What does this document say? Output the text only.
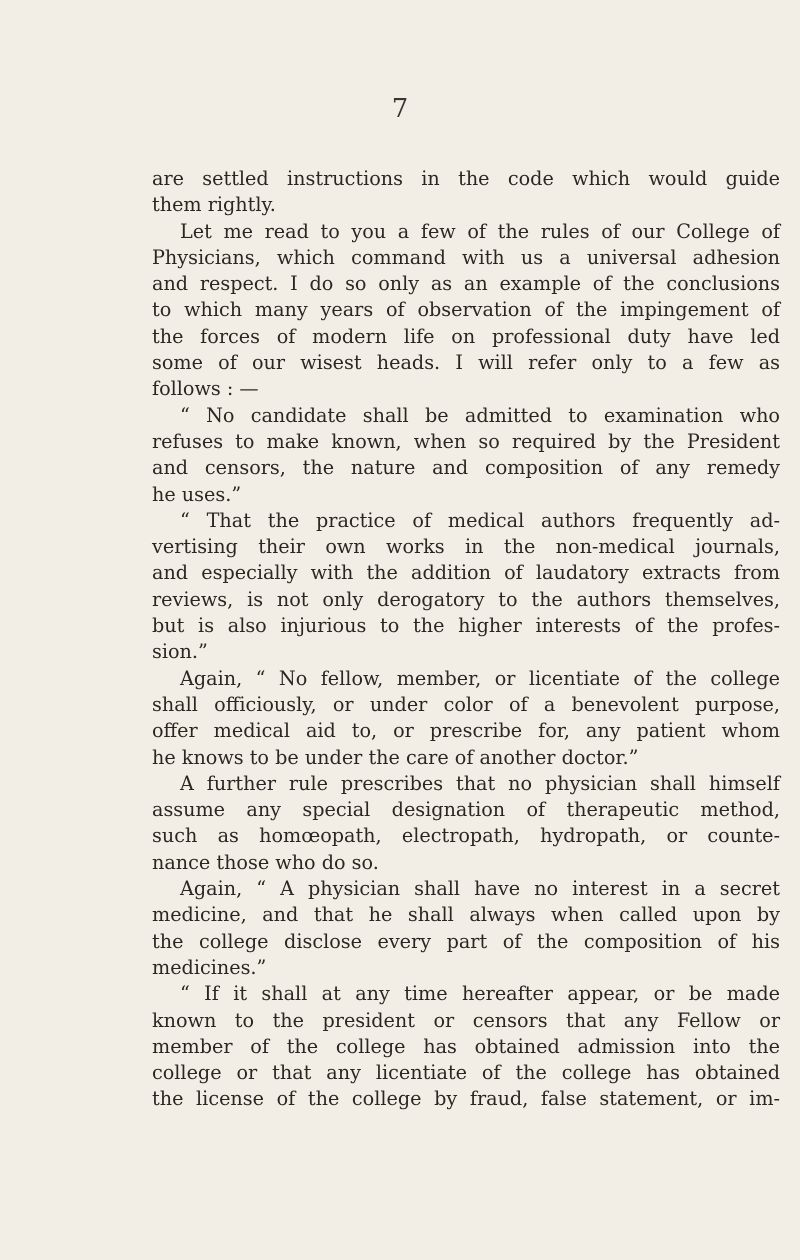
7
are settled instructions in the code which would guide
them rightly.
Let me read to you a few of the rules of our College of
Physicians, which command with us a universal adhesion
and respect. I do so only as an example of the conclusions
to which many years of observation of the impingement of
the forces of modern life on professional duty have led
some of our wisest heads. I will refer only to a few as
follows : —
“ No candidate shall be admitted to examination who
refuses to make known, when so required by the President
and censors, the nature and composition of any remedy
he uses.”
“ That the practice of medical authors frequently ad-
vertising their own works in the non-medical journals,
and especially with the addition of laudatory extracts from
reviews, is not only derogatory to the authors themselves,
but is also injurious to the higher interests of the profes-
sion.”
Again, “ No fellow, member, or licentiate of the college
shall officiously, or under color of a benevolent purpose,
offer medical aid to, or prescribe for, any patient whom
he knows to be under the care of another doctor.”
A further rule prescribes that no physician shall himself
assume any special designation of therapeutic method,
such as homœopath, electropath, hydropath, or counte-
nance those who do so.
Again, “ A physician shall have no interest in a secret
medicine, and that he shall always when called upon by
the college disclose every part of the composition of his
medicines.”
“ If it shall at any time hereafter appear, or be made
known to the president or censors that any Fellow or
member of the college has obtained admission into the
college or that any licentiate of the college has obtained
the license of the college by fraud, false statement, or im-
